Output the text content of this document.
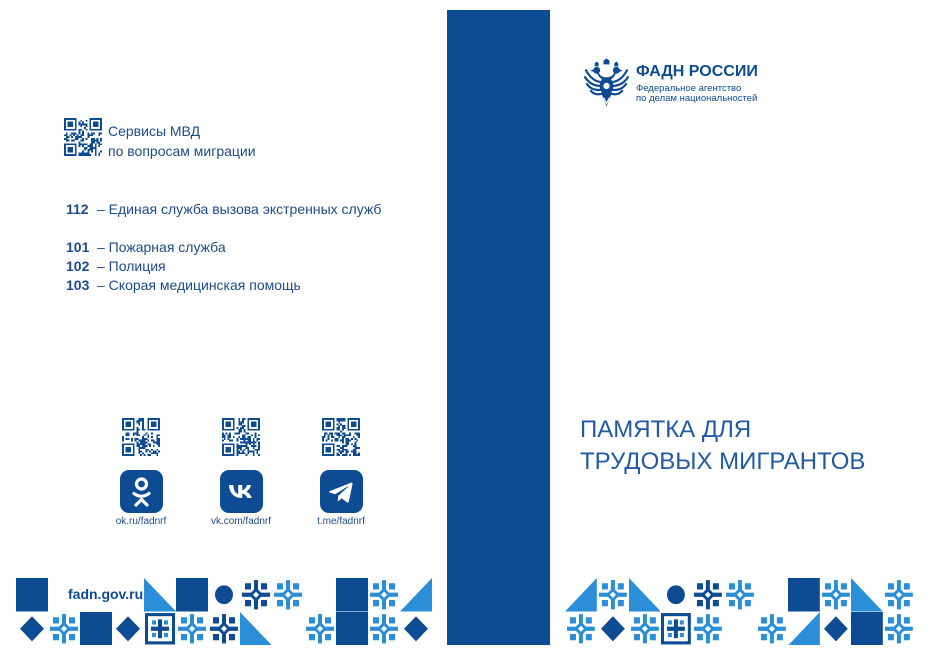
Сервисы МВД
по вопросам миграции
112 – Единая служба вызова экстренных служб
101 – Пожарная служба
102 – Полиция
103 – Скорая медицинская помощь
ok.ru/fadnrf	vk.com/fadnrf	t.me/fadnrf
fadn.gov.ru
ФАДН РОССИИ
Федеральное агентство
по делам национальностей
ПАМЯТКА ДЛЯ
ТРУДОВЫХ МИГРАНТОВ
